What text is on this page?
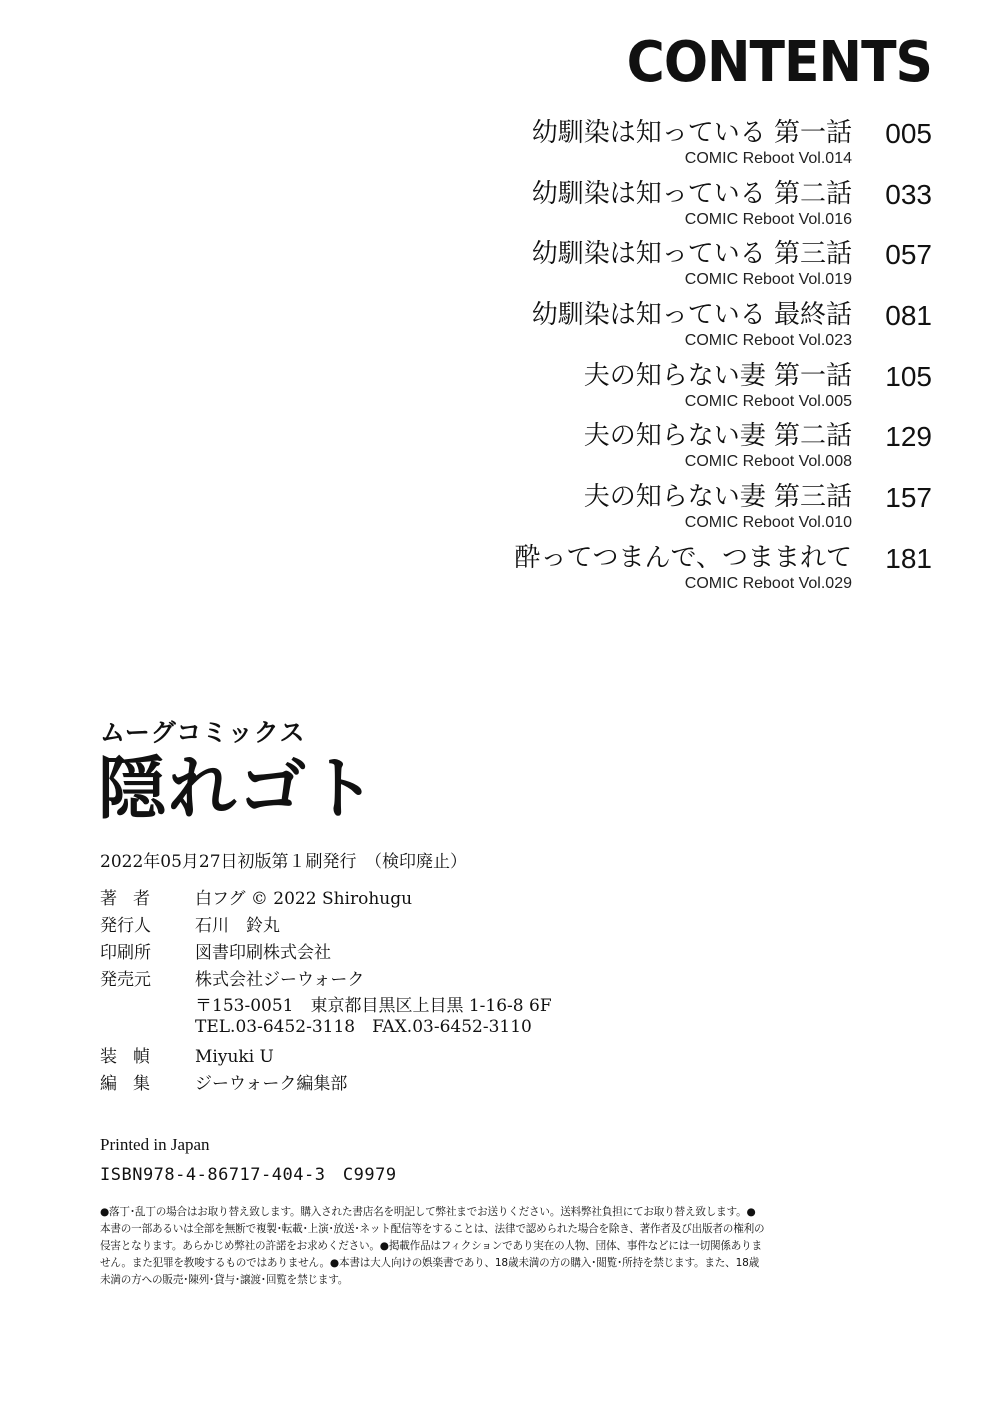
CONTENTS
幼馴染は知っている 第一話 005
COMIC Reboot Vol.014
幼馴染は知っている 第二話 033
COMIC Reboot Vol.016
幼馴染は知っている 第三話 057
COMIC Reboot Vol.019
幼馴染は知っている 最終話 081
COMIC Reboot Vol.023
夫の知らない妻 第一話 105
COMIC Reboot Vol.005
夫の知らない妻 第二話 129
COMIC Reboot Vol.008
夫の知らない妻 第三話 157
COMIC Reboot Vol.010
酔ってつまんで、つままれて 181
COMIC Reboot Vol.029
ムーグコミックス
隠れゴト
2022年05月27日初版第１刷発行　（検印廃止）
著者	白フグ © 2022 Shirohugu
発行人	石川　鈴丸
印刷所	図書印刷株式会社
発売元	株式会社ジーウォーク
〒153-0051　東京都目黒区上目黒 1-16-8 6F
TEL.03-6452-3118　FAX.03-6452-3110
装幀	Miyuki U
編集	ジーウォーク編集部
Printed in Japan
ISBN978-4-86717-404-3　C9979
●落丁･乱丁の場合はお取り替え致します。購入された書店名を明記して弊社までお送りください。送料弊社負担にてお取り替え致します。●本書の一部あるいは全部を無断で複製･転載･上演･放送･ネット配信等をすることは、法律で認められた場合を除き、著作者及び出版者の権利の侵害となります。あらかじめ弊社の許諾をお求めください。●掲載作品はフィクションであり実在の人物、団体、事件などには一切関係ありません。また犯罪を教唆するものではありません。●本書は大人向けの娯楽書であり、18歳未満の方の購入･閲覧･所持を禁じます。また、18歳未満の方への販売･陳列･貸与･譲渡･回覧を禁じます。
